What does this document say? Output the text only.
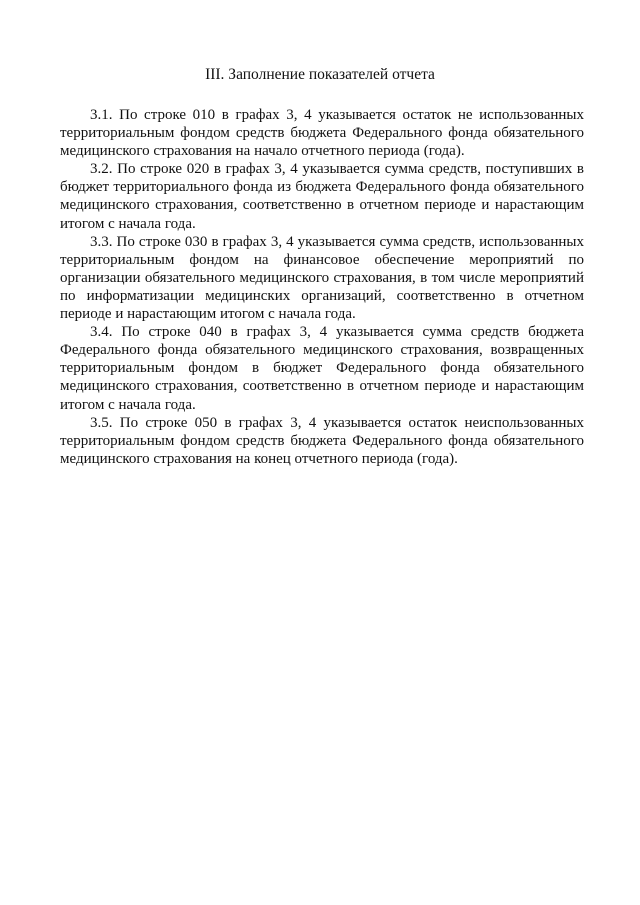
III. Заполнение показателей отчета

3.1. По строке 010 в графах 3, 4 указывается остаток не использованных территориальным фондом средств бюджета Федерального фонда обязательного медицинского страхования на начало отчетного периода (года).

3.2. По строке 020 в графах 3, 4 указывается сумма средств, поступивших в бюджет территориального фонда из бюджета Федерального фонда обязательного медицинского страхования, соответственно в отчетном периоде и нарастающим итогом с начала года.

3.3. По строке 030 в графах 3, 4 указывается сумма средств, использованных территориальным фондом на финансовое обеспечение мероприятий по организации обязательного медицинского страхования, в том числе мероприятий по информатизации медицинских организаций, соответственно в отчетном периоде и нарастающим итогом с начала года.

3.4. По строке 040 в графах 3, 4 указывается сумма средств бюджета Федерального фонда обязательного медицинского страхования, возвращенных территориальным фондом в бюджет Федерального фонда обязательного медицинского страхования, соответственно в отчетном периоде и нарастающим итогом с начала года.

3.5. По строке 050 в графах 3, 4 указывается остаток неиспользованных территориальным фондом средств бюджета Федерального фонда обязательного медицинского страхования на конец отчетного периода (года).
